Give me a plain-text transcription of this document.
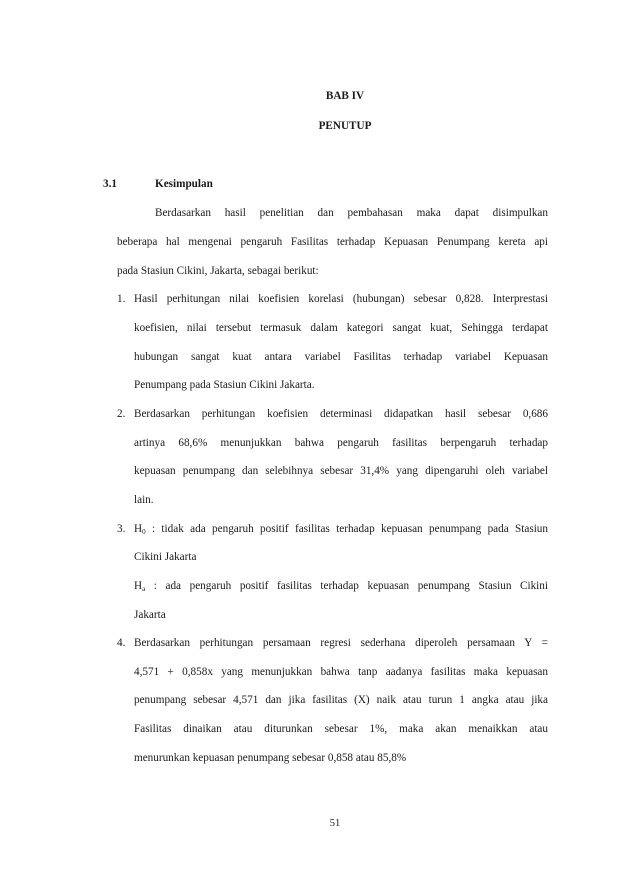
BAB IV
PENUTUP
3.1	Kesimpulan
Berdasarkan hasil penelitian dan pembahasan maka dapat disimpulkan
beberapa hal mengenai pengaruh Fasilitas terhadap Kepuasan Penumpang kereta api
pada Stasiun Cikini, Jakarta, sebagai berikut:
1. Hasil perhitungan nilai koefisien korelasi (hubungan) sebesar 0,828. Interprestasi
koefisien, nilai tersebut termasuk dalam kategori sangat kuat, Sehingga terdapat
hubungan sangat kuat antara variabel Fasilitas terhadap variabel Kepuasan
Penumpang pada Stasiun Cikini Jakarta.
2. Berdasarkan perhitungan koefisien determinasi didapatkan hasil sebesar 0,686
artinya 68,6% menunjukkan bahwa pengaruh fasilitas berpengaruh terhadap
kepuasan penumpang dan selebihnya sebesar 31,4% yang dipengaruhi oleh variabel
lain.
3. $H_0$ : tidak ada pengaruh positif fasilitas terhadap kepuasan penumpang pada Stasiun
Cikini Jakarta
$H_a$ : ada pengaruh positif fasilitas terhadap kepuasan penumpang Stasiun Cikini
Jakarta
4. Berdasarkan perhitungan persamaan regresi sederhana diperoleh persamaan Y =
4,571 + 0,858x yang menunjukkan bahwa tanp aadanya fasilitas maka kepuasan
penumpang sebesar 4,571 dan jika fasilitas (X) naik atau turun 1 angka atau jika
Fasilitas dinaikan atau diturunkan sebesar 1%, maka akan menaikkan atau
menurunkan kepuasan penumpang sebesar 0,858 atau 85,8%
51
